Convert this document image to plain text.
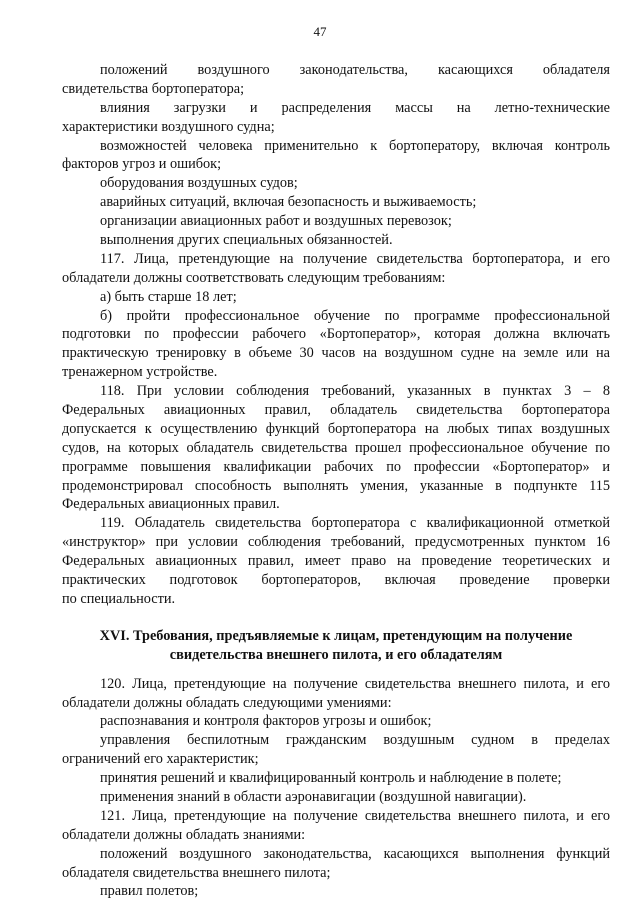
47
положений воздушного законодательства, касающихся обладателя
свидетельства бортоператора;
влияния загрузки и распределения массы на летно-технические
характеристики воздушного судна;
возможностей человека применительно к бортоператору, включая контроль
факторов угроз и ошибок;
оборудования воздушных судов;
аварийных ситуаций, включая безопасность и выживаемость;
организации авиационных работ и воздушных перевозок;
выполнения других специальных обязанностей.
117. Лица, претендующие на получение свидетельства бортоператора, и его
обладатели должны соответствовать следующим требованиям:
а) быть старше 18 лет;
б) пройти профессиональное обучение по программе профессиональной
подготовки по профессии рабочего «Бортоператор», которая должна включать
практическую тренировку в объеме 30 часов на воздушном судне на земле или на
тренажерном устройстве.
118. При условии соблюдения требований, указанных в пунктах 3 – 8
Федеральных авиационных правил, обладатель свидетельства бортоператора
допускается к осуществлению функций бортоператора на любых типах воздушных
судов, на которых обладатель свидетельства прошел профессиональное обучение по
программе повышения квалификации рабочих по профессии «Бортоператор» и
продемонстрировал способность выполнять умения, указанные в подпункте 115
Федеральных авиационных правил.
119. Обладатель свидетельства бортоператора с квалификационной отметкой
«инструктор» при условии соблюдения требований, предусмотренных пунктом 16
Федеральных авиационных правил, имеет право на проведение теоретических и
практических подготовок бортоператоров, включая проведение проверки
по специальности.
XVI. Требования, предъявляемые к лицам, претендующим на получение
свидетельства внешнего пилота, и его обладателям
120. Лица, претендующие на получение свидетельства внешнего пилота, и его
обладатели должны обладать следующими умениями:
распознавания и контроля факторов угрозы и ошибок;
управления беспилотным гражданским воздушным судном в пределах
ограничений его характеристик;
принятия решений и квалифицированный контроль и наблюдение в полете;
применения знаний в области аэронавигации (воздушной навигации).
121. Лица, претендующие на получение свидетельства внешнего пилота, и его
обладатели должны обладать знаниями:
положений воздушного законодательства, касающихся выполнения функций
обладателя свидетельства внешнего пилота;
правил полетов;
